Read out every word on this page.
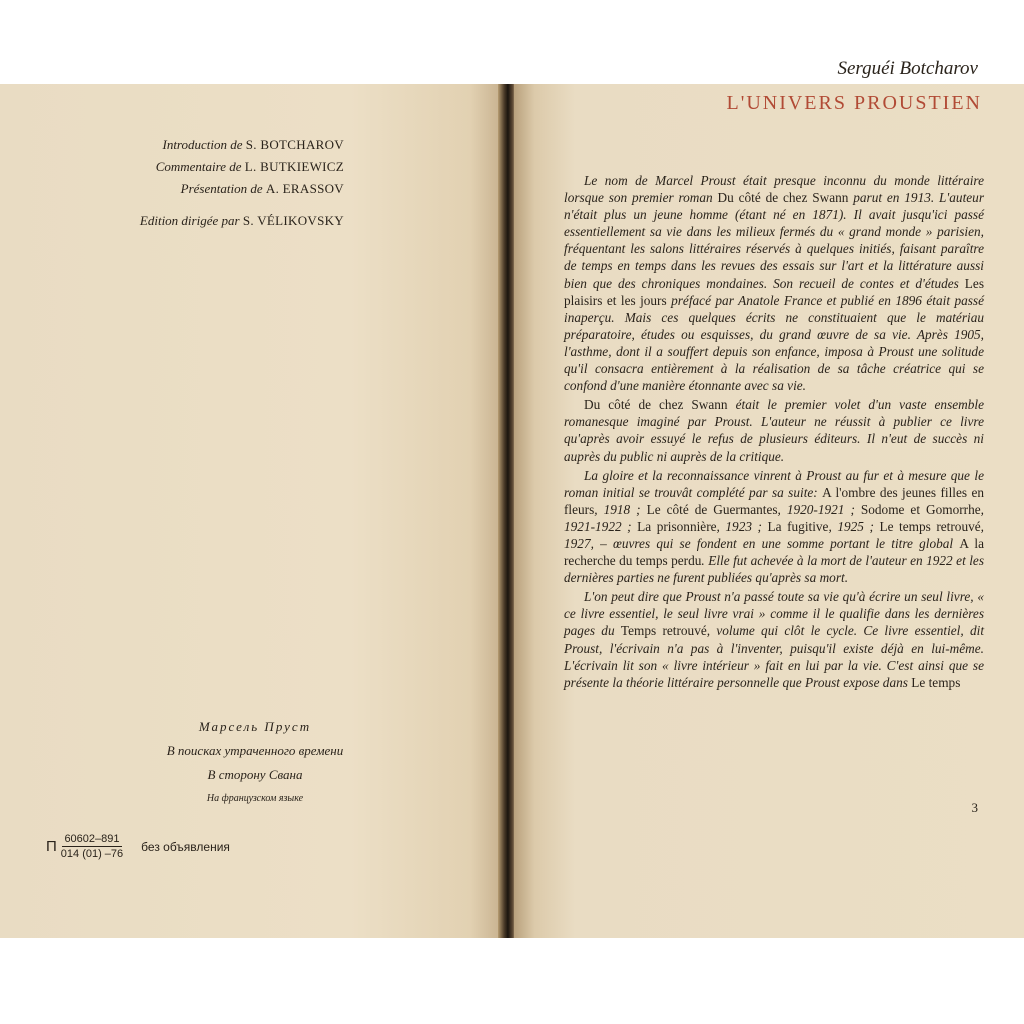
Introduction de S. BOTCHAROV
Commentaire de L. BUTKIEWICZ
Présentation de A. ERASSOV
Edition dirigée par S. VÉLIKOVSKY
Марсель Пруст
В поисках утраченного времени
В сторону Свана
На французском языке
П $\frac{60602-891}{014 (01) -76}$ без объявления
Serguéi Botcharov
L'UNIVERS PROUSTIEN

Le nom de Marcel Proust était presque inconnu du monde littéraire lorsque son premier roman Du côté de chez Swann parut en 1913. L'auteur n'était plus un jeune homme (étant né en 1871). Il avait jusqu'ici passé essentiellement sa vie dans les milieux fermés du « grand monde » parisien, fréquentant les salons littéraires réservés à quelques initiés, faisant paraître de temps en temps dans les revues des essais sur l'art et la littérature aussi bien que des chroniques mondaines. Son recueil de contes et d'études Les plaisirs et les jours préfacé par Anatole France et publié en 1896 était passé inaperçu. Mais ces quelques écrits ne constituaient que le matériau préparatoire, études ou esquisses, du grand œuvre de sa vie. Après 1905, l'asthme, dont il a souffert depuis son enfance, imposa à Proust une solitude qu'il consacra entièrement à la réalisation de sa tâche créatrice qui se confond d'une manière étonnante avec sa vie.

Du côté de chez Swann était le premier volet d'un vaste ensemble romanesque imaginé par Proust. L'auteur ne réussit à publier ce livre qu'après avoir essuyé le refus de plusieurs éditeurs. Il n'eut de succès ni auprès du public ni auprès de la critique.

La gloire et la reconnaissance vinrent à Proust au fur et à mesure que le roman initial se trouvât complété par sa suite: A l'ombre des jeunes filles en fleurs, 1918 ; Le côté de Guermantes, 1920-1921 ; Sodome et Gomorrhe, 1921-1922 ; La prisonnière, 1923 ; La fugitive, 1925 ; Le temps retrouvé, 1927, – œuvres qui se fondent en une somme portant le titre global A la recherche du temps perdu. Elle fut achevée à la mort de l'auteur en 1922 et les dernières parties ne furent publiées qu'après sa mort.

L'on peut dire que Proust n'a passé toute sa vie qu'à écrire un seul livre, « ce livre essentiel, le seul livre vrai » comme il le qualifie dans les dernières pages du Temps retrouvé, volume qui clôt le cycle. Ce livre essentiel, dit Proust, l'écrivain n'a pas à l'inventer, puisqu'il existe déjà en lui-même. L'écrivain lit son « livre intérieur » fait en lui par la vie. C'est ainsi que se présente la théorie littéraire personnelle que Proust expose dans Le temps

3
